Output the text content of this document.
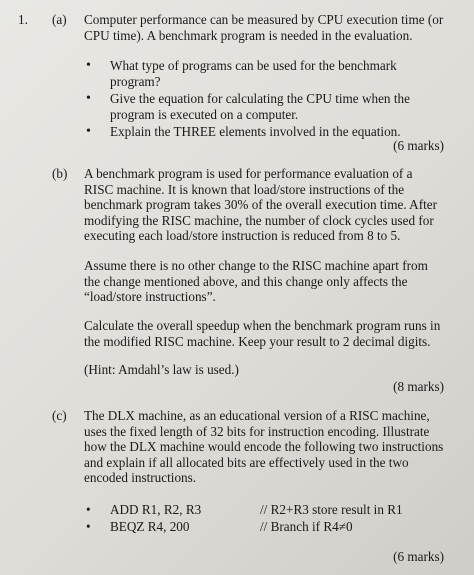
1. (a) Computer performance can be measured by CPU execution time (or CPU time). A benchmark program is needed in the evaluation.
• What type of programs can be used for the benchmark program?
• Give the equation for calculating the CPU time when the program is executed on a computer.
• Explain the THREE elements involved in the equation.
(6 marks)
(b) A benchmark program is used for performance evaluation of a RISC machine. It is known that load/store instructions of the benchmark program takes 30% of the overall execution time. After modifying the RISC machine, the number of clock cycles used for executing each load/store instruction is reduced from 8 to 5.
Assume there is no other change to the RISC machine apart from the change mentioned above, and this change only affects the “load/store instructions”.
Calculate the overall speedup when the benchmark program runs in the modified RISC machine. Keep your result to 2 decimal digits.
(Hint: Amdahl’s law is used.)
(8 marks)
(c) The DLX machine, as an educational version of a RISC machine, uses the fixed length of 32 bits for instruction encoding. Illustrate how the DLX machine would encode the following two instructions and explain if all allocated bits are effectively used in the two encoded instructions.
• ADD R1, R2, R3	// R2+R3 store result in R1
• BEQZ R4, 200	// Branch if R4≠0
(6 marks)
